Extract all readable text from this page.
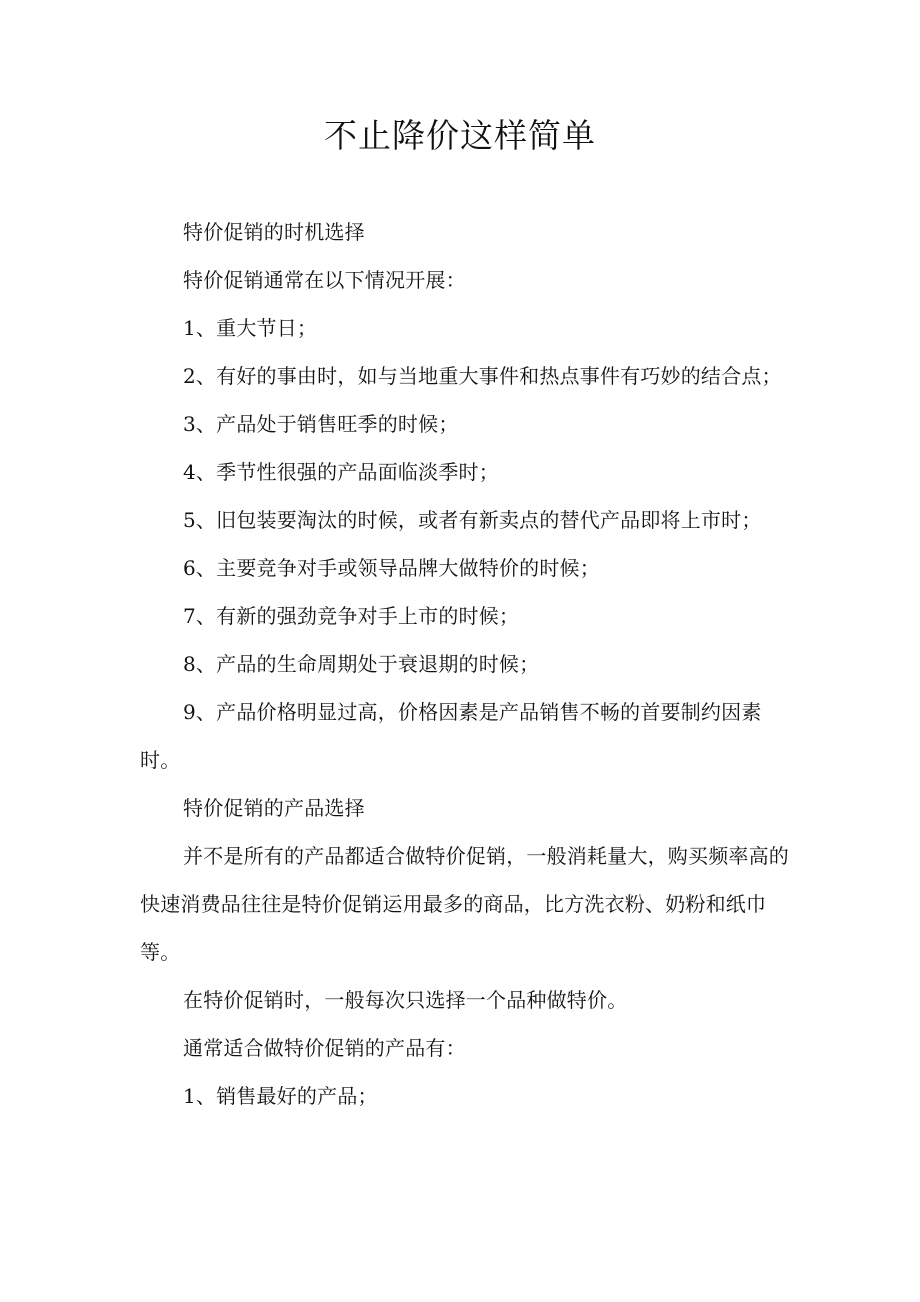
不止降价这样简单

特价促销的时机选择

特价促销通常在以下情况开展：

1、重大节日；

2、有好的事由时，如与当地重大事件和热点事件有巧妙的结合点；

3、产品处于销售旺季的时候；

4、季节性很强的产品面临淡季时；

5、旧包装要淘汰的时候，或者有新卖点的替代产品即将上市时；

6、主要竞争对手或领导品牌大做特价的时候；

7、有新的强劲竞争对手上市的时候；

8、产品的生命周期处于衰退期的时候；

9、产品价格明显过高，价格因素是产品销售不畅的首要制约因素时。

特价促销的产品选择

并不是所有的产品都适合做特价促销，一般消耗量大，购买频率高的快速消费品往往是特价促销运用最多的商品，比方洗衣粉、奶粉和纸巾等。

在特价促销时，一般每次只选择一个品种做特价。

通常适合做特价促销的产品有：

1、销售最好的产品；
